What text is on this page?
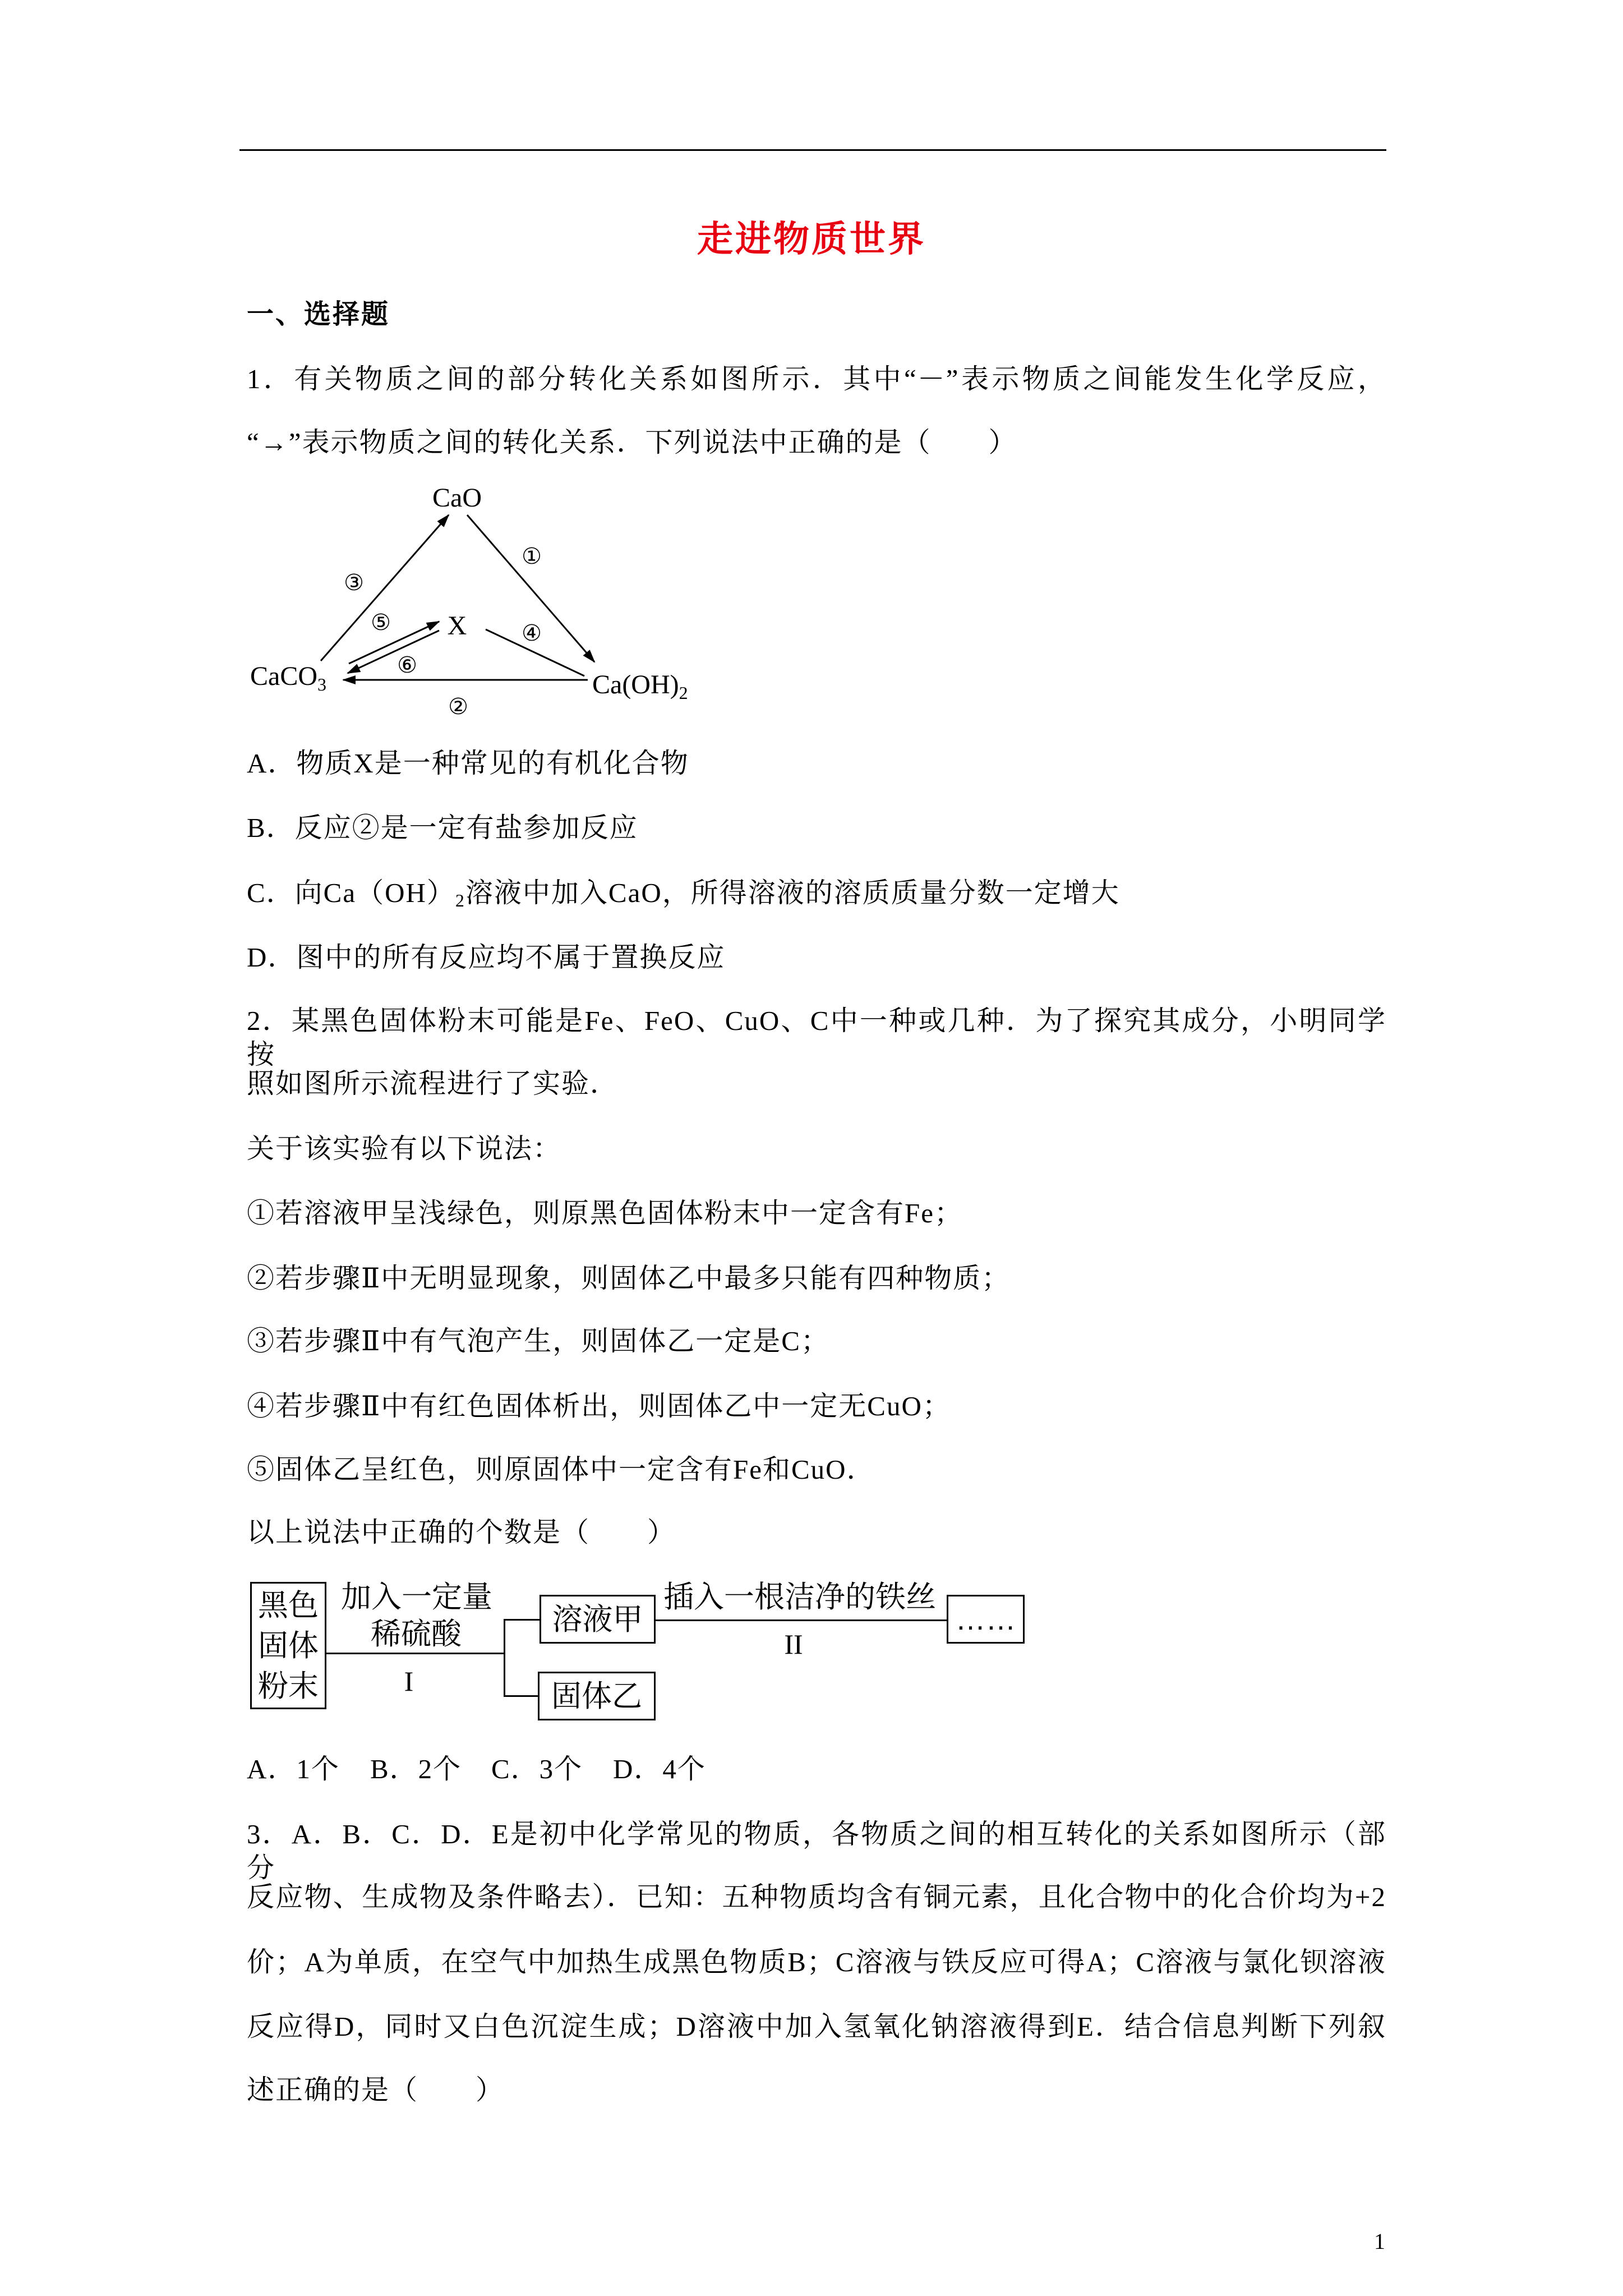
走进物质世界
一、选择题
1．有关物质之间的部分转化关系如图所示．其中“－”表示物质之间能发生化学反应，
“→”表示物质之间的转化关系．下列说法中正确的是（　　）
CaO
X
CaCO$_3$	$Ca(OH)_2$
①
②
③
④
⑤
⑥
A．物质X是一种常见的有机化合物
B．反应②是一定有盐参加反应
C．向$Ca(OH)_2$溶液中加入CaO，所得溶液的溶质质量分数一定增大
D．图中的所有反应均不属于置换反应
2．某黑色固体粉末可能是Fe、FeO、CuO、C中一种或几种．为了探究其成分，小明同学按
照如图所示流程进行了实验．
关于该实验有以下说法：
①若溶液甲呈浅绿色，则原黑色固体粉末中一定含有Fe；
②若步骤Ⅱ中无明显现象，则固体乙中最多只能有四种物质；
③若步骤Ⅱ中有气泡产生，则固体乙一定是C；
④若步骤Ⅱ中有红色固体析出，则固体乙中一定无CuO；
⑤固体乙呈红色，则原固体中一定含有Fe和CuO．
以上说法中正确的个数是（　　）
黑色
固体
粉末
加入一定量
稀硫酸
I
溶液甲
固体乙
插入一根洁净的铁丝
II
……
A．1个 B．2个 C．3个 D．4个
3．A．B．C．D．E是初中化学常见的物质，各物质之间的相互转化的关系如图所示（部分
反应物、生成物及条件略去）．已知：五种物质均含有铜元素，且化合物中的化合价均为+2
价；A为单质，在空气中加热生成黑色物质B；C溶液与铁反应可得A；C溶液与氯化钡溶液
反应得D，同时又白色沉淀生成；D溶液中加入氢氧化钠溶液得到E．结合信息判断下列叙
述正确的是（　　）
1
